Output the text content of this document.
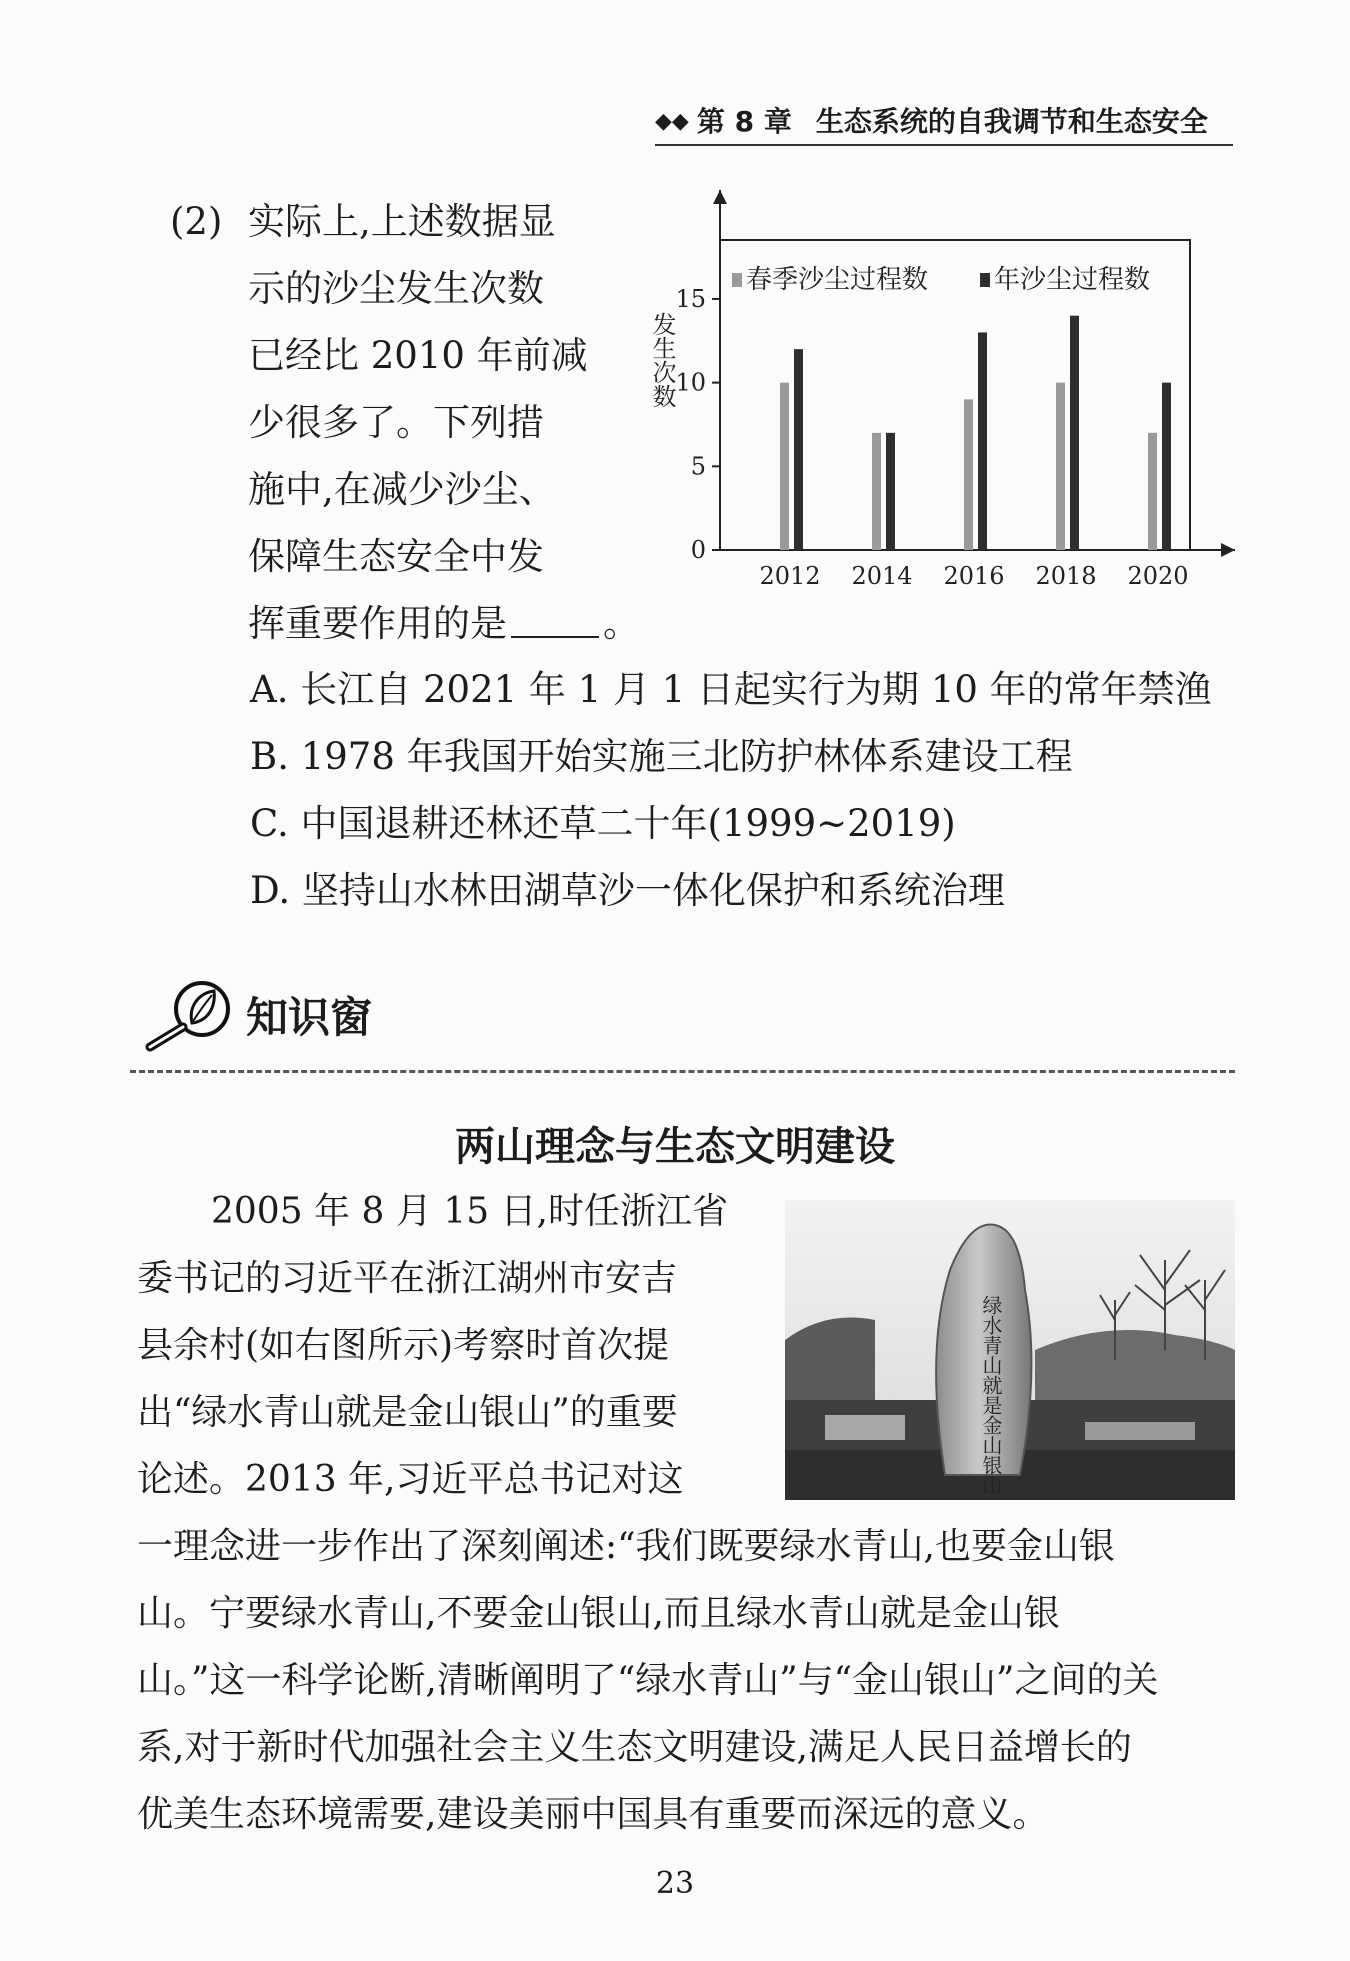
◆◆ 第 8 章 生态系统的自我调节和生态安全
(2) 实际上,上述数据显
示的沙尘发生次数
已经比 2010 年前减
少很多了。下列措
施中,在减少沙尘、
保障生态安全中发
挥重要作用的是	。
0
5
10
15
发生次数
2012 2014 2016 2018 2020
春季沙尘过程数	年沙尘过程数
A. 长江自 2021 年 1 月 1 日起实行为期 10 年的常年禁渔
B. 1978 年我国开始实施三北防护林体系建设工程
C. 中国退耕还林还草二十年(1999~2019)
D. 坚持山水林田湖草沙一体化保护和系统治理
知识窗
两山理念与生态文明建设
2005 年 8 月 15 日,时任浙江省
委书记的习近平在浙江湖州市安吉
县余村(如右图所示)考察时首次提
出“绿水青山就是金山银山”的重要
论述。2013 年,习近平总书记对这
一理念进一步作出了深刻阐述:“我们既要绿水青山,也要金山银
山。宁要绿水青山,不要金山银山,而且绿水青山就是金山银
山。”这一科学论断,清晰阐明了“绿水青山”与“金山银山”之间的关
系,对于新时代加强社会主义生态文明建设,满足人民日益增长的
优美生态环境需要,建设美丽中国具有重要而深远的意义。
绿水青山就是金山银山
23
